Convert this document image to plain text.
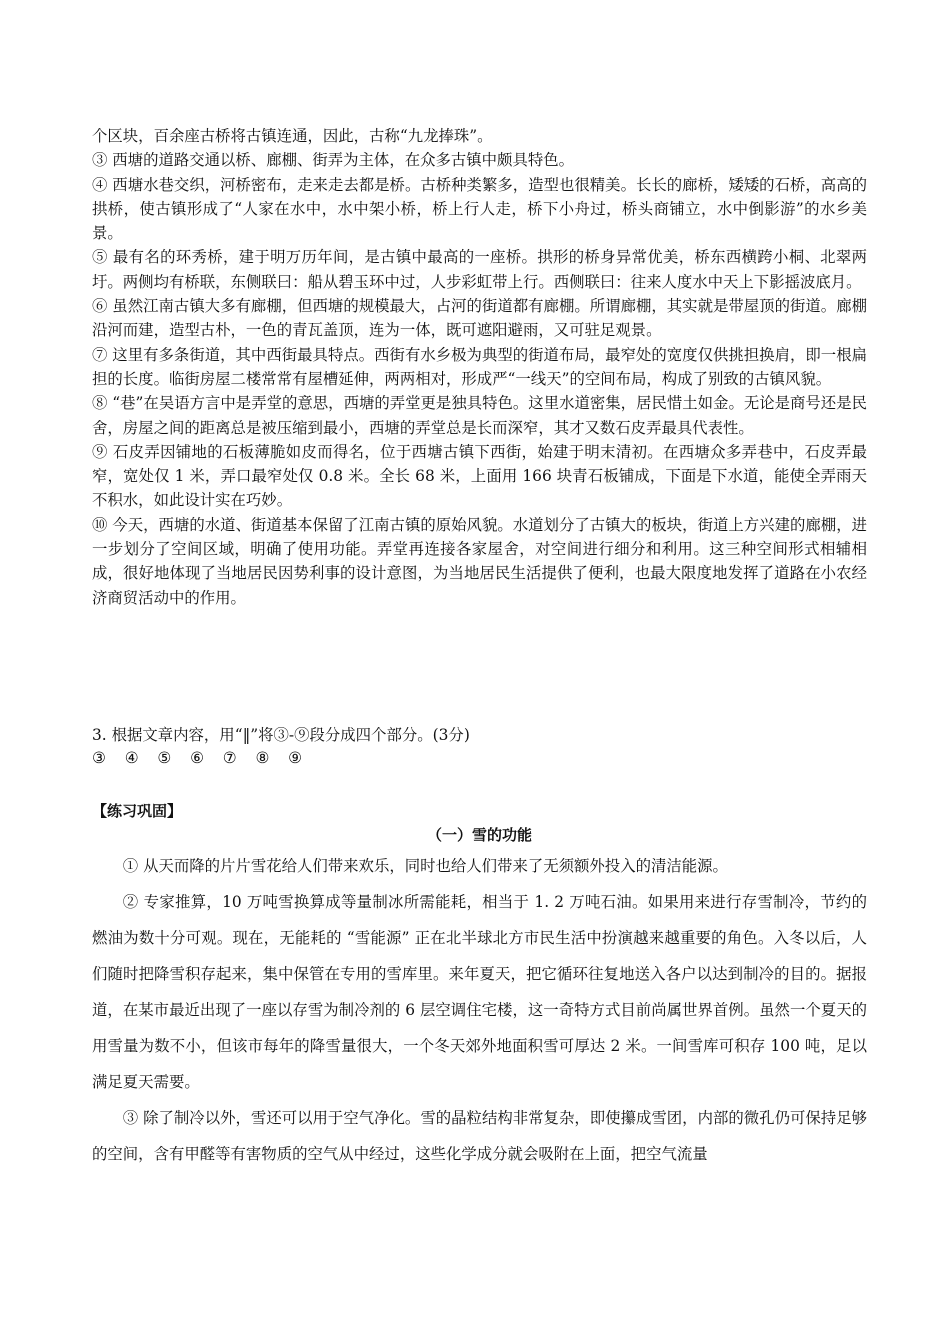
个区块，百余座古桥将古镇连通，因此，古称“九龙捧珠”。

③ 西塘的道路交通以桥、廊棚、街弄为主体，在众多古镇中颇具特色。

④ 西塘水巷交织，河桥密布，走来走去都是桥。古桥种类繁多，造型也很精美。长长的廊桥，矮矮的石桥，高高的拱桥，使古镇形成了“人家在水中，水中架小桥，桥上行人走，桥下小舟过，桥头商铺立，水中倒影游”的水乡美景。

⑤ 最有名的环秀桥，建于明万历年间，是古镇中最高的一座桥。拱形的桥身异常优美，桥东西横跨小桐、北翠两圩。两侧均有桥联，东侧联曰：船从碧玉环中过，人步彩虹带上行。西侧联曰：往来人度水中天上下影摇波底月。

⑥ 虽然江南古镇大多有廊棚，但西塘的规模最大，占河的街道都有廊棚。所谓廊棚，其实就是带屋顶的街道。廊棚沿河而建，造型古朴，一色的青瓦盖顶，连为一体，既可遮阳避雨，又可驻足观景。

⑦ 这里有多条街道，其中西街最具特点。西街有水乡极为典型的街道布局，最窄处的宽度仅供挑担换肩，即一根扁担的长度。临街房屋二楼常常有屋槽延伸，两两相对，形成严“一线天”的空间布局，构成了别致的古镇风貌。

⑧ “巷”在吴语方言中是弄堂的意思，西塘的弄堂更是独具特色。这里水道密集，居民惜土如金。无论是商号还是民舍，房屋之间的距离总是被压缩到最小，西塘的弄堂总是长而深窄，其才又数石皮弄最具代表性。

⑨ 石皮弄因铺地的石板薄脆如皮而得名，位于西塘古镇下西街，始建于明末清初。在西塘众多弄巷中，石皮弄最窄，宽处仅 1 米，弄口最窄处仅 0.8 米。全长 68 米，上面用 166 块青石板铺成，下面是下水道，能使全弄雨天不积水，如此设计实在巧妙。

⑩ 今天，西塘的水道、街道基本保留了江南古镇的原始风貌。水道划分了古镇大的板块，街道上方兴建的廊棚，进一步划分了空间区域，明确了使用功能。弄堂再连接各家屋舍，对空间进行细分和利用。这三种空间形式相辅相成，很好地体现了当地居民因势利事的设计意图，为当地居民生活提供了便利，也最大限度地发挥了道路在小农经济商贸活动中的作用。

3. 根据文章内容，用“‖”将③-⑨段分成四个部分。(3分)

③ ④ ⑤ ⑥ ⑦ ⑧ ⑨

【练习巩固】
（一）雪的功能

① 从天而降的片片雪花给人们带来欢乐，同时也给人们带来了无须额外投入的清洁能源。

② 专家推算，10 万吨雪换算成等量制冰所需能耗，相当于 1. 2 万吨石油。如果用来进行存雪制冷，节约的燃油为数十分可观。现在，无能耗的 “雪能源” 正在北半球北方市民生活中扮演越来越重要的角色。入冬以后，人们随时把降雪积存起来，集中保管在专用的雪库里。来年夏天，把它循环往复地送入各户以达到制冷的目的。据报道，在某市最近出现了一座以存雪为制冷剂的 6 层空调住宅楼，这一奇特方式目前尚属世界首例。虽然一个夏天的用雪量为数不小，但该市每年的降雪量很大，一个冬天郊外地面积雪可厚达 2 米。一间雪库可积存 100 吨，足以满足夏天需要。

③ 除了制冷以外，雪还可以用于空气净化。雪的晶粒结构非常复杂，即使攥成雪团，内部的微孔仍可保持足够的空间，含有甲醛等有害物质的空气从中经过，这些化学成分就会吸附在上面，把空气流量
